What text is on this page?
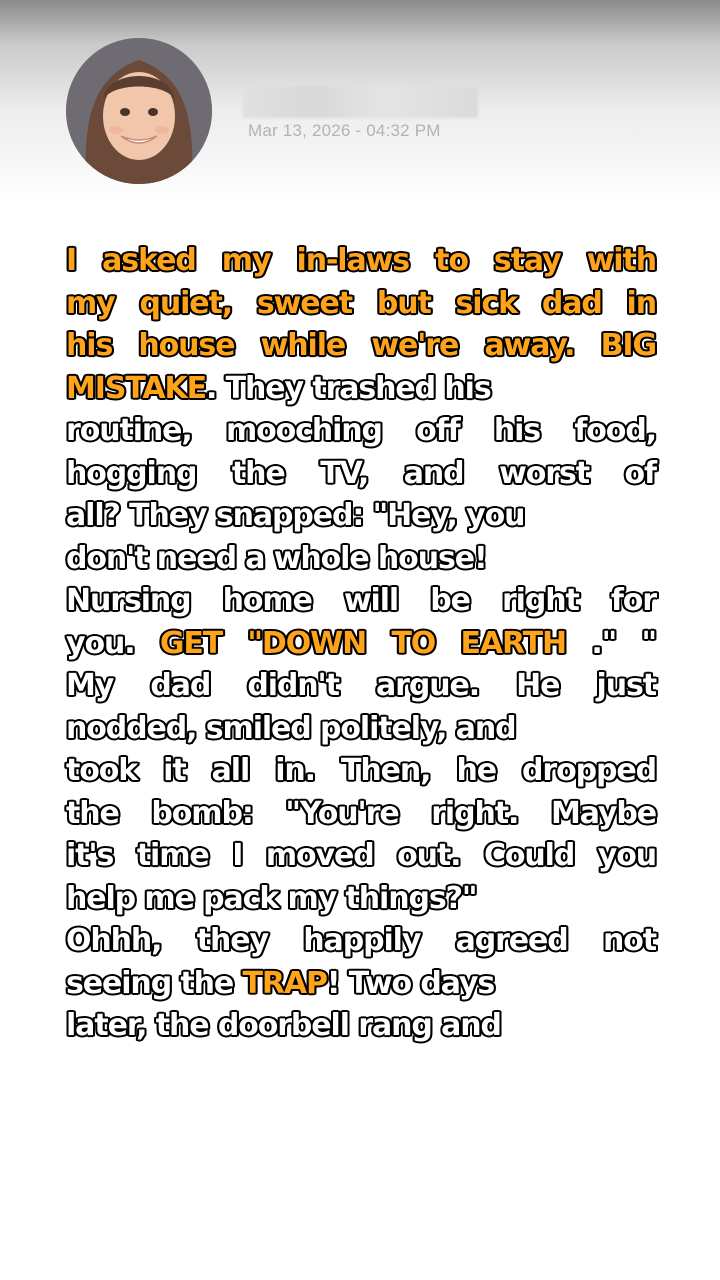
Mar 13, 2026 - 04:32 PM
I asked my in-laws to stay with
my quiet, sweet but sick dad in
his house while we're away. BIG
MISTAKE. They trashed his
routine, mooching off his food,
hogging the TV, and worst of
all? They snapped: "Hey, you
don't need a whole house!
Nursing home will be right for
you. GET "DOWN TO EARTH ." "
My dad didn't argue. He just
nodded, smiled politely, and
took it all in. Then, he dropped
the bomb: "You're right. Maybe
it's time I moved out. Could you
help me pack my things?"
Ohhh, they happily agreed not
seeing the TRAP! Two days
later, the doorbell rang and
